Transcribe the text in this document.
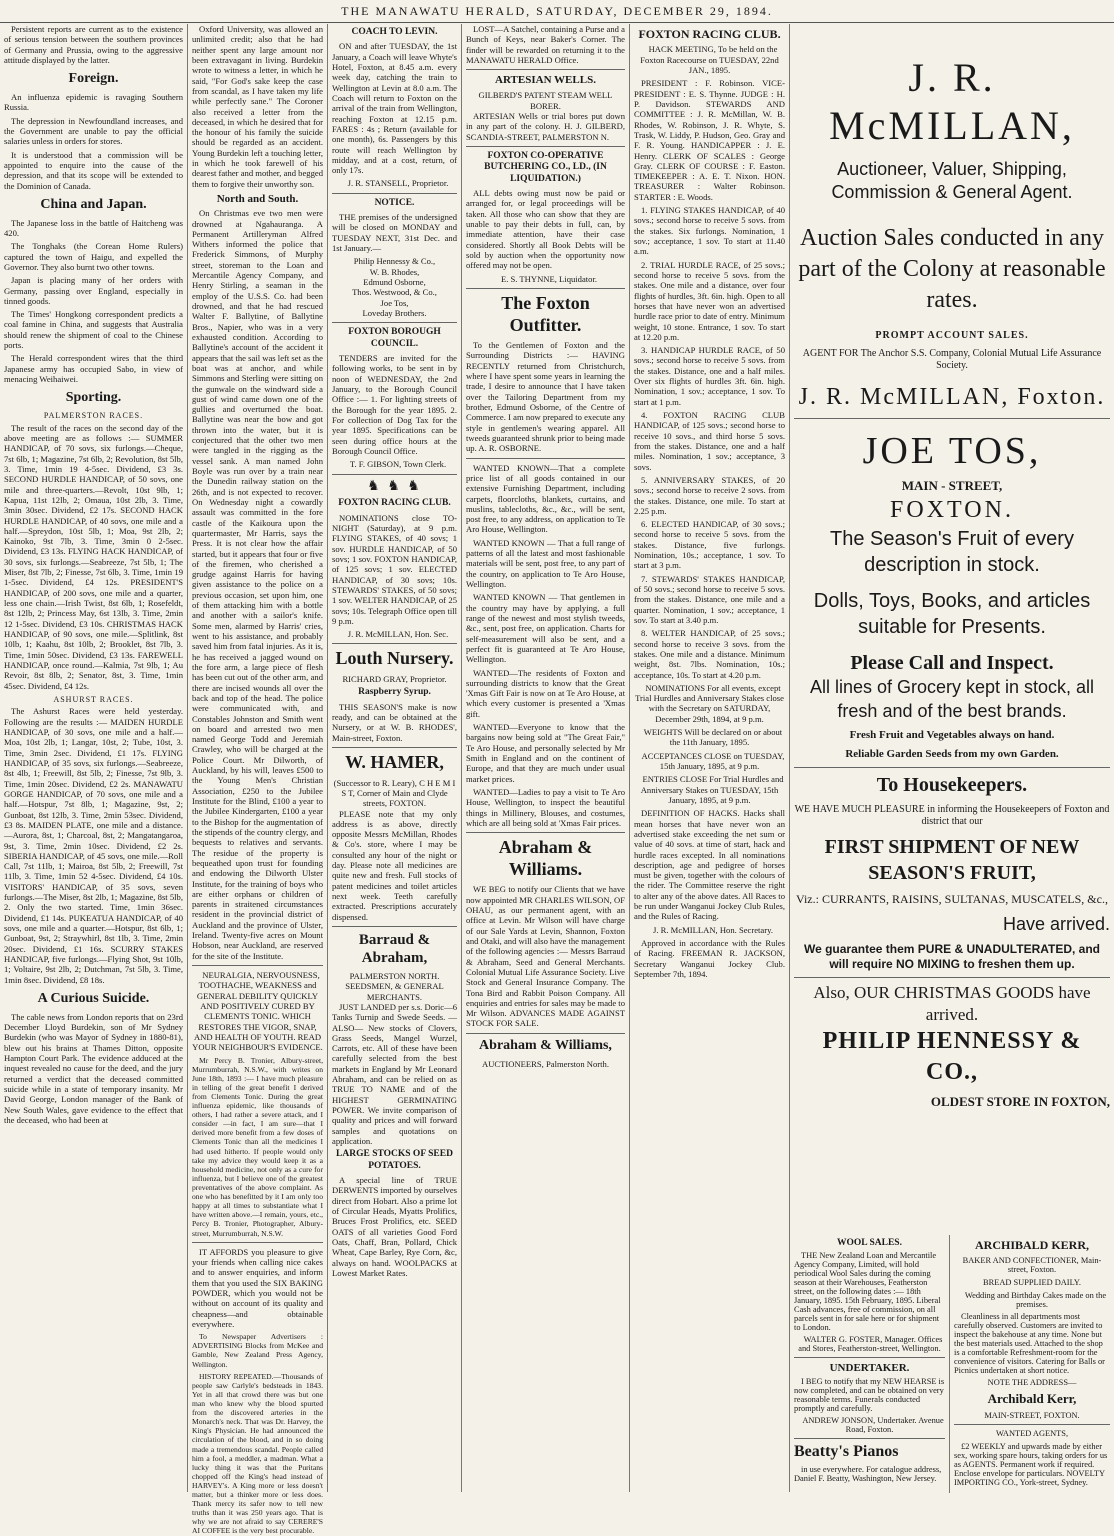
THE MANAWATU HERALD, SATURDAY, DECEMBER 29, 1894.

Persistent reports are current as to the existence of serious tension between the southern provinces of Germany and Prussia, owing to the aggressive attitude displayed by the latter.

Foreign.

An influenza epidemic is ravaging Southern Russia.

The depression in Newfoundland increases, and the Government are unable to pay the official salaries unless in orders for stores.

It is understood that a commission will be appointed to enquire into the cause of the depression, and that its scope will be extended to the Dominion of Canada.

China and Japan.

The Japanese loss in the battle of Haitcheng was 420.

The Tonghaks (the Corean Home Rulers) captured the town of Haigu, and expelled the Governor. They also burnt two other towns.

Japan is placing many of her orders with Germany, passing over England, especially in tinned goods.

The Times' Hongkong correspondent predicts a coal famine in China, and suggests that Australia should renew the shipment of coal to the Chinese ports.

The Herald correspondent wires that the third Japanese army has occupied Sabo, in view of menacing Weihaiwei.

Sporting.
PALMERSTON RACES.

The result of the races on the second day of the above meeting are as follows :— SUMMER HANDICAP, of 70 sovs, six furlongs.—Cheque, 7st 6lb, 1; Magazine, 7st 6lb, 2; Revolution, 8st 5lb, 3. Time, 1min 19 4-5sec. Dividend, £3 3s. SECOND HURDLE HANDICAP, of 50 sovs, one mile and three-quarters.—Revolt, 10st 9lb, 1; Kapua, 11st 12lb, 2; Omaua, 10st 2lb, 3. Time, 3min 30sec. Dividend, £2 17s. SECOND HACK HURDLE HANDICAP, of 40 sovs, one mile and a half.—Spreydon, 10st 5lb, 1; Moa, 9st 2lb, 2; Kainoko, 9st 7lb, 3. Time, 3min 0 2-5sec. Dividend, £3 13s. FLYING HACK HANDICAP, of 30 sovs, six furlongs.—Seabreeze, 7st 5lb, 1; The Miser, 8st 7lb, 2; Finesse, 7st 6lb, 3. Time, 1min 19 1-5sec. Dividend, £4 12s. PRESIDENT'S HANDICAP, of 200 sovs, one mile and a quarter, less one chain.—Irish Twist, 8st 6lb, 1; Rosefeldt, 8st 12lb, 2; Princess May, 6st 13lb, 3. Time, 2min 12 1-5sec. Dividend, £3 10s. CHRISTMAS HACK HANDICAP, of 90 sovs, one mile.—Splitlink, 8st 10lb, 1; Kaahu, 8st 10lb, 2; Brooklet, 8st 7lb, 3. Time, 1min 50sec. Dividend, £3 13s. FAREWELL HANDICAP, once round.—Kalmia, 7st 9lb, 1; Au Revoir, 8st 8lb, 2; Senator, 8st, 3. Time, 1min 45sec. Dividend, £4 12s.

ASHURST RACES.

The Ashurst Races were held yesterday. Following are the results :— MAIDEN HURDLE HANDICAP, of 30 sovs, one mile and a half.—Moa, 10st 2lb, 1; Langar, 10st, 2; Tube, 10st, 3. Time, 3min 2sec. Dividend, £1 17s. FLYING HANDICAP, of 35 sovs, six furlongs.—Seabreeze, 8st 4lb, 1; Freewill, 8st 5lb, 2; Finesse, 7st 9lb, 3. Time, 1min 20sec. Dividend, £2 2s. MANAWATU GORGE HANDICAP, of 70 sovs, one mile and a half.—Hotspur, 7st 8lb, 1; Magazine, 9st, 2; Gunboat, 8st 12lb, 3. Time, 2min 53sec. Dividend, £3 8s. MAIDEN PLATE, one mile and a distance.—Aurora, 8st, 1; Charcoal, 8st, 2; Mangatangaroa, 9st, 3. Time, 2min 10sec. Dividend, £2 2s. SIBERIA HANDICAP, of 45 sovs, one mile.—Roll Call, 7st 11lb, 1; Mairoa, 8st 5lb, 2; Freewill, 7st 11lb, 3. Time, 1min 52 4-5sec. Dividend, £4 10s. VISITORS' HANDICAP, of 35 sovs, seven furlongs.—The Miser, 8st 2lb, 1; Magazine, 8st 5lb, 2. Only the two started. Time, 1min 36sec. Dividend, £1 14s. PUKEATUA HANDICAP, of 40 sovs, one mile and a quarter.—Hotspur, 8st 6lb, 1; Gunboat, 9st, 2; Straywhirl, 8st 1lb, 3. Time, 2min 20sec. Dividend, £1 16s. SCURRY STAKES HANDICAP, five furlongs.—Flying Shot, 9st 10lb, 1; Voltaire, 9st 2lb, 2; Dutchman, 7st 5lb, 3. Time, 1min 8sec. Dividend, £8 18s.

A Curious Suicide.

The cable news from London reports that on 23rd December Lloyd Burdekin, son of Mr Sydney Burdekin (who was Mayor of Sydney in 1880-81), blew out his brains at Thames Ditton, opposite Hampton Court Park. The evidence adduced at the inquest revealed no cause for the deed, and the jury returned a verdict that the deceased committed suicide while in a state of temporary insanity. Mr David George, London manager of the Bank of New South Wales, gave evidence to the effect that the deceased, who had been at

Oxford University, was allowed an unlimited credit; also that he had neither spent any large amount nor been extravagant in living. Burdekin wrote to witness a letter, in which he said, "For God's sake keep the case from scandal, as I have taken my life while perfectly sane." The Coroner also received a letter from the deceased, in which he desired that for the honour of his family the suicide should be regarded as an accident. Young Burdekin left a touching letter, in which he took farewell of his dearest father and mother, and begged them to forgive their unworthy son.

North and South.

On Christmas eve two men were drowned at Ngahauranga. A Permanent Artilleryman Alfred Withers informed the police that Frederick Simmons, of Murphy street, storeman to the Loan and Mercantile Agency Company, and Henry Stirling, a seaman in the employ of the U.S.S. Co. had been drowned, and that he had rescued Walter F. Ballytine, of Ballytine Bros., Napier, who was in a very exhausted condition. According to Ballytine's account of the accident it appears that the sail was left set as the boat was at anchor, and while Simmons and Sterling were sitting on the gunwale on the windward side a gust of wind came down one of the gullies and overturned the boat. Ballytine was near the bow and got thrown into the water, but it is conjectured that the other two men were tangled in the rigging as the vessel sank. A man named John Boyle was run over by a train near the Dunedin railway station on the 26th, and is not expected to recover. On Wednesday night a cowardly assault was committed in the fore castle of the Kaikoura upon the quartermaster, Mr Harris, says the Press. It is not clear how the affair started, but it appears that four or five of the firemen, who cherished a grudge against Harris for having given assistance to the police on a previous occasion, set upon him, one of them attacking him with a bottle and another with a sailor's knife. Some men, alarmed by Harris' cries, went to his assistance, and probably saved him from fatal injuries. As it is, he has received a jagged wound on the fore arm, a large piece of flesh has been cut out of the other arm, and there are incised wounds all over the back and top of the head. The police were communicated with, and Constables Johnston and Smith went on board and arrested two men named George Todd and Jeremiah Crawley, who will be charged at the Police Court. Mr Dilworth, of Auckland, by his will, leaves £500 to the Young Men's Christian Association, £250 to the Jubilee Institute for the Blind, £100 a year to the Jubilee Kindergarten, £100 a year to the Bishop for the augmentation of the stipends of the country clergy, and bequests to relatives and servants. The residue of the property is bequeathed upon trust for founding and endowing the Dilworth Ulster Institute, for the training of boys who are either orphans or children of parents in straitened circumstances resident in the provincial district of Auckland and the province of Ulster, Ireland. Twenty-five acres on Mount Hobson, near Auckland, are reserved for the site of the Institute.

NEURALGIA, NERVOUSNESS, TOOTHACHE, WEAKNESS and GENERAL DEBILITY QUICKLY AND POSITIVELY CURED BY CLEMENTS TONIC. WHICH RESTORES THE VIGOR, SNAP, AND HEALTH OF YOUTH. READ YOUR NEIGHBOUR'S EVIDENCE.

Mr Percy B. Tronier, Albury-street, Murrumburrah, N.S.W., with writes on June 18th, 1893 :— I have much pleasure in telling of the great benefit I derived from Clements Tonic. During the great influenza epidemic, like thousands of others, I had rather a severe attack, and I consider —in fact, I am sure—that I derived more benefit from a few doses of Clements Tonic than all the medicines I had used hitherto. If people would only take my advice they would keep it as a household medicine, not only as a cure for influenza, but I believe one of the greatest preventatives of the above complaint. As one who has benefitted by it I am only too happy at all times to substantiate what I have written above.—I remain, yours, etc., Percy B. Tronier, Photographer, Albury-street, Murrumburrah, N.S.W.

IT AFFORDS you pleasure to give your friends when calling nice cakes and to answer enquiries, and inform them that you used the SIX BAKING POWDER, which you would not be without on account of its quality and cheapness—and obtainable everywhere.

To Newspaper Advertisers : ADVERTISING Blocks from McKee and Gamble, New Zealand Press Agency, Wellington.

HISTORY REPEATED.—Thousands of people saw Carlyle's bedsteads in 1843. Yet in all that crowd there was but one man who knew why the blood spurted from the discovered arteries in the Monarch's neck. That was Dr. Harvey, the King's Physician. He had announced the circulation of the blood, and in so doing made a tremendous scandal. People called him a fool, a meddler, a madman. What a lucky thing it was that the Puritans chopped off the King's head instead of HARVEY's. A King more or less doesn't matter, but a thinker more or less does. Thank mercy its safer now to tell new truths than it was 250 years ago. That is why we are not afraid to say CERERE'S AI COFFEE is the very best procurable.

COACH TO LEVIN.

ON and after TUESDAY, the 1st January, a Coach will leave Whyte's Hotel, Foxton, at 8.45 a.m. every week day, catching the train to Wellington at Levin at 8.0 a.m. The Coach will return to Foxton on the arrival of the train from Wellington, reaching Foxton at 12.15 p.m. FARES : 4s ; Return (available for one month), 6s. Passengers by this route will reach Wellington by midday, and at a cost, return, of only 17s.

J. R. STANSELL, Proprietor.

NOTICE.

THE premises of the undersigned will be closed on MONDAY and TUESDAY NEXT, 31st Dec. and 1st January.—

Philip Hennessy & Co.,
W. B. Rhodes,
Edmund Osborne,
Thos. Westwood, & Co.,
Joe Tos,
Loveday Brothers.
FOXTON BOROUGH COUNCIL.

TENDERS are invited for the following works, to be sent in by noon of WEDNESDAY, the 2nd January, to the Borough Council Office :— 1. For lighting streets of the Borough for the year 1895. 2. For collection of Dog Tax for the year 1895. Specifications can be seen during office hours at the Borough Council Office.

T. F. GIBSON, Town Clerk.

♞ ♞ ♞
FOXTON RACING CLUB.

NOMINATIONS close TO-NIGHT (Saturday), at 9 p.m. FLYING STAKES, of 40 sovs; 1 sov. HURDLE HANDICAP, of 50 sovs; 1 sov. FOXTON HANDICAP, of 125 sovs; 1 sov. ELECTED HANDICAP, of 30 sovs; 10s. STEWARDS' STAKES, of 50 sovs; 1 sov. WELTER HANDICAP, of 25 sovs; 10s. Telegraph Office open till 9 p.m.

J. R. McMILLAN, Hon. Sec.

Louth Nursery.
RICHARD GRAY, Proprietor.
Raspberry Syrup.

THIS SEASON'S make is now ready, and can be obtained at the Nursery, or at W. B. RHODES', Main-street, Foxton.

W. HAMER,
(Successor to R. Leary), C H E M I S T, Corner of Main and Clyde streets, FOXTON.

PLEASE note that my only address is as above, directly opposite Messrs McMillan, Rhodes & Co's. store, where I may be consulted any hour of the night or day. Please note all medicines are quite new and fresh. Full stocks of patent medicines and toilet articles next week. Teeth carefully extracted. Prescriptions accurately dispensed.

Barraud & Abraham,
PALMERSTON NORTH. SEEDSMEN, & GENERAL MERCHANTS.

JUST LANDED per s.s. Doric—6 Tanks Turnip and Swede Seeds. —ALSO— New stocks of Clovers, Grass Seeds, Mangel Wurzel, Carrots, etc. All of these have been carefully selected from the best markets in England by Mr Leonard Abraham, and can be relied on as TRUE TO NAME and of the HIGHEST GERMINATING POWER. We invite comparison of quality and prices and will forward samples and quotations on application.

LARGE STOCKS OF SEED POTATOES.

A special line of TRUE DERWENTS imported by ourselves direct from Hobart. Also a prime lot of Circular Heads, Myatts Prolifics, Bruces Frost Prolifics, etc. SEED OATS of all varieties Good Ford Oats, Chaff, Bran, Pollard, Chick Wheat, Cape Barley, Rye Corn, &c, always on hand. WOOLPACKS at Lowest Market Rates.

LOST—A Satchel, containing a Purse and a Bunch of Keys, near Baker's Corner. The finder will be rewarded on returning it to the MANAWATU HERALD Office.

ARTESIAN WELLS.
GILBERD'S PATENT STEAM WELL BORER.

ARTESIAN Wells or trial bores put down in any part of the colony. H. J. GILBERD, SCANDIA-STREET, PALMERSTON N.

FOXTON CO-OPERATIVE BUTCHERING CO., LD., (IN LIQUIDATION.)

ALL debts owing must now be paid or arranged for, or legal proceedings will be taken. All those who can show that they are unable to pay their debts in full, can, by immediate attention, have their case considered. Shortly all Book Debts will be sold by auction when the opportunity now offered may not be open.

E. S. THYNNE, Liquidator.

The Foxton Outfitter.

To the Gentlemen of Foxton and the Surrounding Districts :— HAVING RECENTLY returned from Christchurch, where I have spent some years in learning the trade, I desire to announce that I have taken over the Tailoring Department from my brother, Edmund Osborne, of the Centre of Commerce. I am now prepared to execute any style in gentlemen's wearing apparel. All tweeds guaranteed shrunk prior to being made up. A. R. OSBORNE.

WANTED KNOWN—That a complete price list of all goods contained in our extensive Furnishing Department, including carpets, floorcloths, blankets, curtains, and muslins, tablecloths, &c., &c., will be sent, post free, to any address, on application to Te Aro House, Wellington.

WANTED KNOWN — That a full range of patterns of all the latest and most fashionable materials will be sent, post free, to any part of the country, on application to Te Aro House, Wellington.

WANTED KNOWN — That gentlemen in the country may have by applying, a full range of the newest and most stylish tweeds, &c., sent, post free, on application. Charts for self-measurement will also be sent, and a perfect fit is guaranteed at Te Aro House, Wellington.

WANTED—The residents of Foxton and surrounding districts to know that the Great 'Xmas Gift Fair is now on at Te Aro House, at which every customer is presented a 'Xmas gift.

WANTED—Everyone to know that the bargains now being sold at "The Great Fair," Te Aro House, and personally selected by Mr Smith in England and on the continent of Europe, and that they are much under usual market prices.

WANTED—Ladies to pay a visit to Te Aro House, Wellington, to inspect the beautiful things in Millinery, Blouses, and costumes, which are all being sold at 'Xmas Fair prices.

Abraham & Williams.

WE BEG to notify our Clients that we have now appointed MR CHARLES WILSON, OF OHAU, as our permanent agent, with an office at Levin. Mr Wilson will have charge of our Sale Yards at Levin, Shannon, Foxton and Otaki, and will also have the management of the following agencies :— Messrs Barraud & Abraham, Seed and General Merchants. Colonial Mutual Life Assurance Society. Live Stock and General Insurance Company. The Tona Bird and Rabbit Poison Company. All enquiries and entries for sales may be made to Mr Wilson. ADVANCES MADE AGAINST STOCK FOR SALE.

Abraham & Williams,
AUCTIONEERS, Palmerston North.
FOXTON RACING CLUB.

HACK MEETING, To be held on the Foxton Racecourse on TUESDAY, 22nd JAN., 1895.

PRESIDENT : F. Robinson. VICE-PRESIDENT : E. S. Thynne. JUDGE : H. P. Davidson. STEWARDS AND COMMITTEE : J. R. McMillan, W. B. Rhodes, W. Robinson, J. R. Whyte, S. Trask, W. Liddy, P. Hudson, Geo. Gray and F. R. Young. HANDICAPPER : J. E. Henry. CLERK OF SCALES : George Gray. CLERK OF COURSE : F. Easton. TIMEKEEPER : A. E. T. Nixon. HON. TREASURER : Walter Robinson. STARTER : E. Woods.

1. FLYING STAKES HANDICAP, of 40 sovs.; second horse to receive 5 sovs. from the stakes. Six furlongs. Nomination, 1 sov.; acceptance, 1 sov. To start at 11.40 a.m.

2. TRIAL HURDLE RACE, of 25 sovs.; second horse to receive 5 sovs. from the stakes. One mile and a distance, over four flights of hurdles, 3ft. 6in. high. Open to all horses that have never won an advertised hurdle race prior to date of entry. Minimum weight, 10 stone. Entrance, 1 sov. To start at 12.20 p.m.

3. HANDICAP HURDLE RACE, of 50 sovs.; second horse to receive 5 sovs. from the stakes. Distance, one and a half miles. Over six flights of hurdles 3ft. 6in. high. Nomination, 1 sov.; acceptance, 1 sov. To start at 1 p.m.

4. FOXTON RACING CLUB HANDICAP, of 125 sovs.; second horse to receive 10 sovs., and third horse 5 sovs. from the stakes. Distance, one and a half miles. Nomination, 1 sov.; acceptance, 3 sovs.

5. ANNIVERSARY STAKES, of 20 sovs.; second horse to receive 2 sovs. from the stakes. Distance, one mile. To start at 2.25 p.m.

6. ELECTED HANDICAP, of 30 sovs.; second horse to receive 5 sovs. from the stakes. Distance, five furlongs. Nomination, 10s.; acceptance, 1 sov. To start at 3 p.m.

7. STEWARDS' STAKES HANDICAP, of 50 sovs.; second horse to receive 5 sovs. from the stakes. Distance, one mile and a quarter. Nomination, 1 sov.; acceptance, 1 sov. To start at 3.40 p.m.

8. WELTER HANDICAP, of 25 sovs.; second horse to receive 3 sovs. from the stakes. One mile and a distance. Minimum weight, 8st. 7lbs. Nomination, 10s.; acceptance, 10s. To start at 4.20 p.m.

NOMINATIONS For all events, except Trial Hurdles and Anniversary Stakes close with the Secretary on SATURDAY, December 29th, 1894, at 9 p.m.

WEIGHTS Will be declared on or about the 11th January, 1895.

ACCEPTANCES CLOSE on TUESDAY, 15th January, 1895, at 9 p.m.

ENTRIES CLOSE For Trial Hurdles and Anniversary Stakes on TUESDAY, 15th January, 1895, at 9 p.m.

DEFINITION OF HACKS. Hacks shall mean horses that have never won an advertised stake exceeding the net sum or value of 40 sovs. at time of start, hack and hurdle races excepted. In all nominations description, age and pedigree of horses must be given, together with the colours of the rider. The Committee reserve the right to alter any of the above dates. All Races to be run under Wanganui Jockey Club Rules, and the Rules of Racing.

J. R. McMILLAN, Hon. Secretary.

Approved in accordance with the Rules of Racing. FREEMAN R. JACKSON, Secretary Wanganui Jockey Club. September 7th, 1894.

J. R. McMILLAN,
Auctioneer, Valuer, Shipping, Commission & General Agent.
Auction Sales conducted in any part of the Colony at reasonable rates.
PROMPT ACCOUNT SALES.
AGENT FOR The Anchor S.S. Company, Colonial Mutual Life Assurance Society.
J. R. McMILLAN, Foxton.
JOE TOS,
MAIN - STREET,
FOXTON.
The Season's Fruit of every description in stock.
Dolls, Toys, Books, and articles suitable for Presents.
Please Call and Inspect.
All lines of Grocery kept in stock, all fresh and of the best brands.
Fresh Fruit and Vegetables always on hand.
Reliable Garden Seeds from my own Garden.
To Housekeepers.
WE HAVE MUCH PLEASURE in informing the Housekeepers of Foxton and district that our
FIRST SHIPMENT OF NEW SEASON'S FRUIT,
Viz.: CURRANTS, RAISINS, SULTANAS, MUSCATELS, &c.,
Have arrived.
We guarantee them PURE & UNADULTERATED, and will require NO MIXING to freshen them up.
Also, OUR CHRISTMAS GOODS have arrived.
PHILIP HENNESSY & CO.,
OLDEST STORE IN FOXTON,
WOOL SALES.

THE New Zealand Loan and Mercantile Agency Company, Limited, will hold periodical Wool Sales during the coming season at their Warehouses, Featherston street, on the following dates :— 18th January, 1895. 15th February, 1895. Liberal Cash advances, free of commission, on all parcels sent in for sale here or for shipment to London.

WALTER G. FOSTER, Manager. Offices and Stores, Featherston-street, Wellington.

UNDERTAKER.

I BEG to notify that my NEW HEARSE is now completed, and can be obtained on very reasonable terms. Funerals conducted promptly and carefully.

ANDREW JONSON, Undertaker. Avenue Road, Foxton.

Beatty's Pianos

in use everywhere. For catalogue address, Daniel F. Beatty, Washington, New Jersey.

ARCHIBALD KERR,
BAKER AND CONFECTIONER, Main-street, Foxton.
BREAD SUPPLIED DAILY.

Wedding and Birthday Cakes made on the premises.

Cleanliness in all departments most carefully observed. Customers are invited to inspect the bakehouse at any time. None but the best materials used. Attached to the shop is a comfortable Refreshment-room for the convenience of visitors. Catering for Balls or Picnics undertaken at short notice.

NOTE THE ADDRESS—
Archibald Kerr,
MAIN-STREET, FOXTON.
WANTED AGENTS,

£2 WEEKLY and upwards made by either sex, working spare hours, taking orders for us as AGENTS. Permanent work if required. Enclose envelope for particulars. NOVELTY IMPORTING CO., York-street, Sydney.
